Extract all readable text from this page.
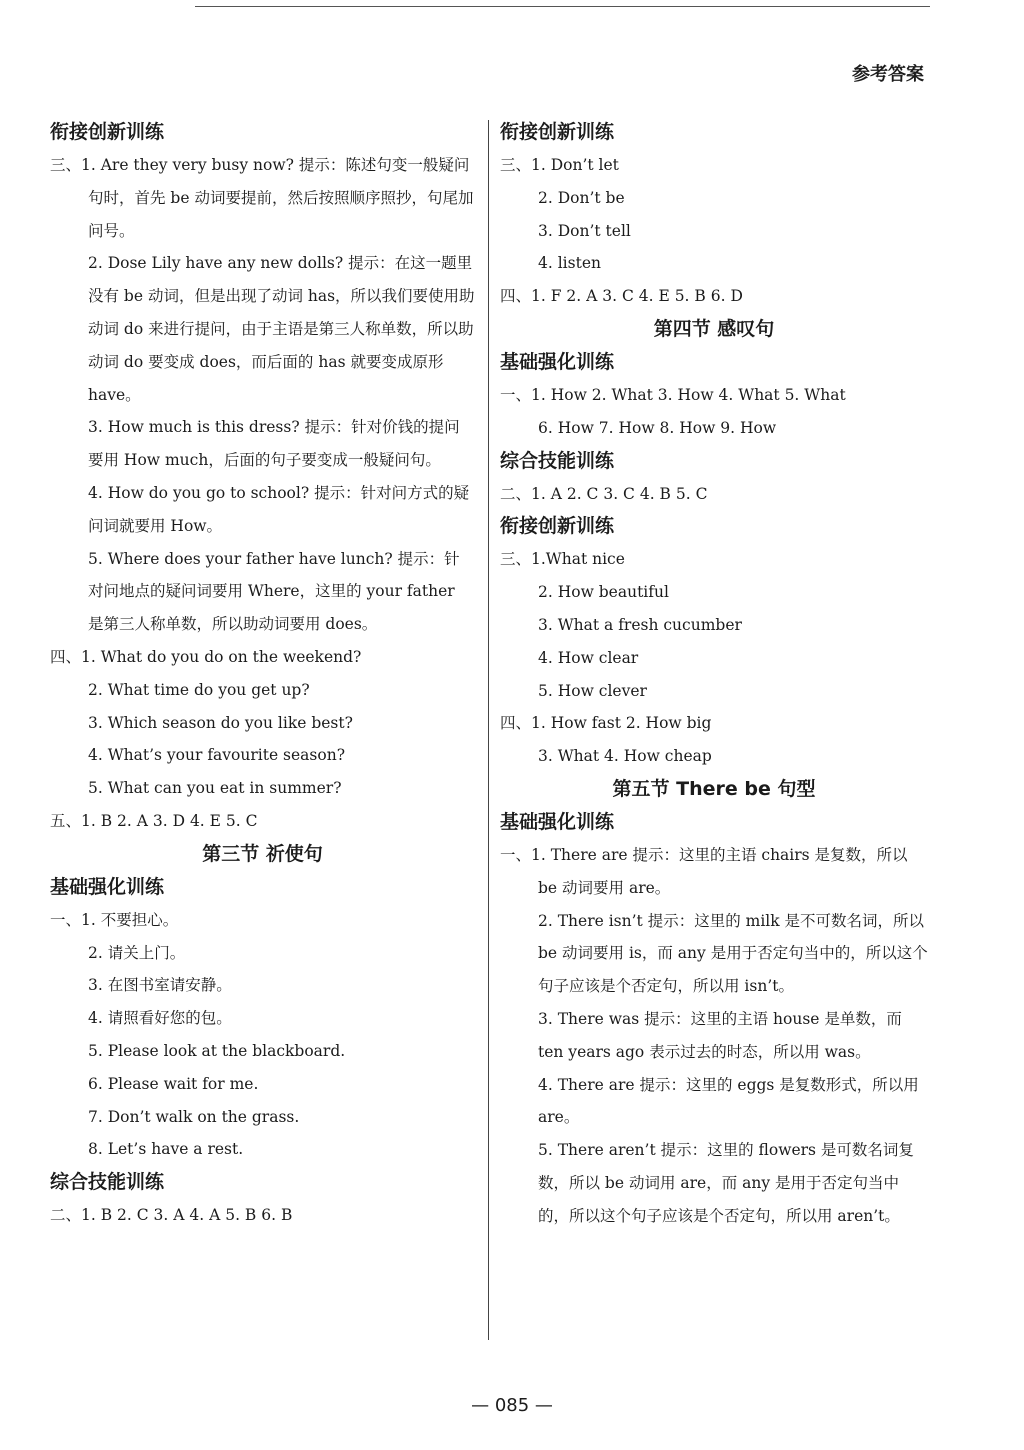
参考答案

衔接创新训练

三、1. Are they very busy now? 提示：陈述句变一般疑问句时，首先 be 动词要提前，然后按照顺序照抄，句尾加问号。

2. Dose Lily have any new dolls? 提示：在这一题里没有 be 动词，但是出现了动词 has，所以我们要使用助动词 do 来进行提问，由于主语是第三人称单数，所以助动词 do 要变成 does，而后面的 has 就要变成原形 have。

3. How much is this dress? 提示：针对价钱的提问要用 How much，后面的句子要变成一般疑问句。

4. How do you go to school? 提示：针对问方式的疑问词就要用 How。

5. Where does your father have lunch? 提示：针对问地点的疑问词要用 Where，这里的 your father 是第三人称单数，所以助动词要用 does。

四、1. What do you do on the weekend?

2. What time do you get up?

3. Which season do you like best?

4. What’s your favourite season?

5. What can you eat in summer?

五、1. B 2. A 3. D 4. E 5. C

第三节 祈使句

基础强化训练

一、1. 不要担心。

2. 请关上门。

3. 在图书室请安静。

4. 请照看好您的包。

5. Please look at the blackboard.

6. Please wait for me.

7. Don’t walk on the grass.

8. Let’s have a rest.

综合技能训练

二、1. B 2. C 3. A 4. A 5. B 6. B

衔接创新训练

三、1. Don’t let

2. Don’t be

3. Don’t tell

4. listen

四、1. F 2. A 3. C 4. E 5. B 6. D

第四节 感叹句

基础强化训练

一、1. How 2. What 3. How 4. What 5. What

6. How 7. How 8. How 9. How

综合技能训练

二、1. A 2. C 3. C 4. B 5. C

衔接创新训练

三、1.What nice

2. How beautiful

3. What a fresh cucumber

4. How clear

5. How clever

四、1. How fast 2. How big

3. What 4. How cheap

第五节 There be 句型

基础强化训练

一、1. There are 提示：这里的主语 chairs 是复数，所以 be 动词要用 are。

2. There isn’t 提示：这里的 milk 是不可数名词，所以 be 动词要用 is，而 any 是用于否定句当中的，所以这个句子应该是个否定句，所以用 isn’t。

3. There was 提示：这里的主语 house 是单数，而 ten years ago 表示过去的时态，所以用 was。

4. There are 提示：这里的 eggs 是复数形式，所以用 are。

5. There aren’t 提示：这里的 flowers 是可数名词复数，所以 be 动词用 are，而 any 是用于否定句当中的，所以这个句子应该是个否定句，所以用 aren’t。

— 085 —
